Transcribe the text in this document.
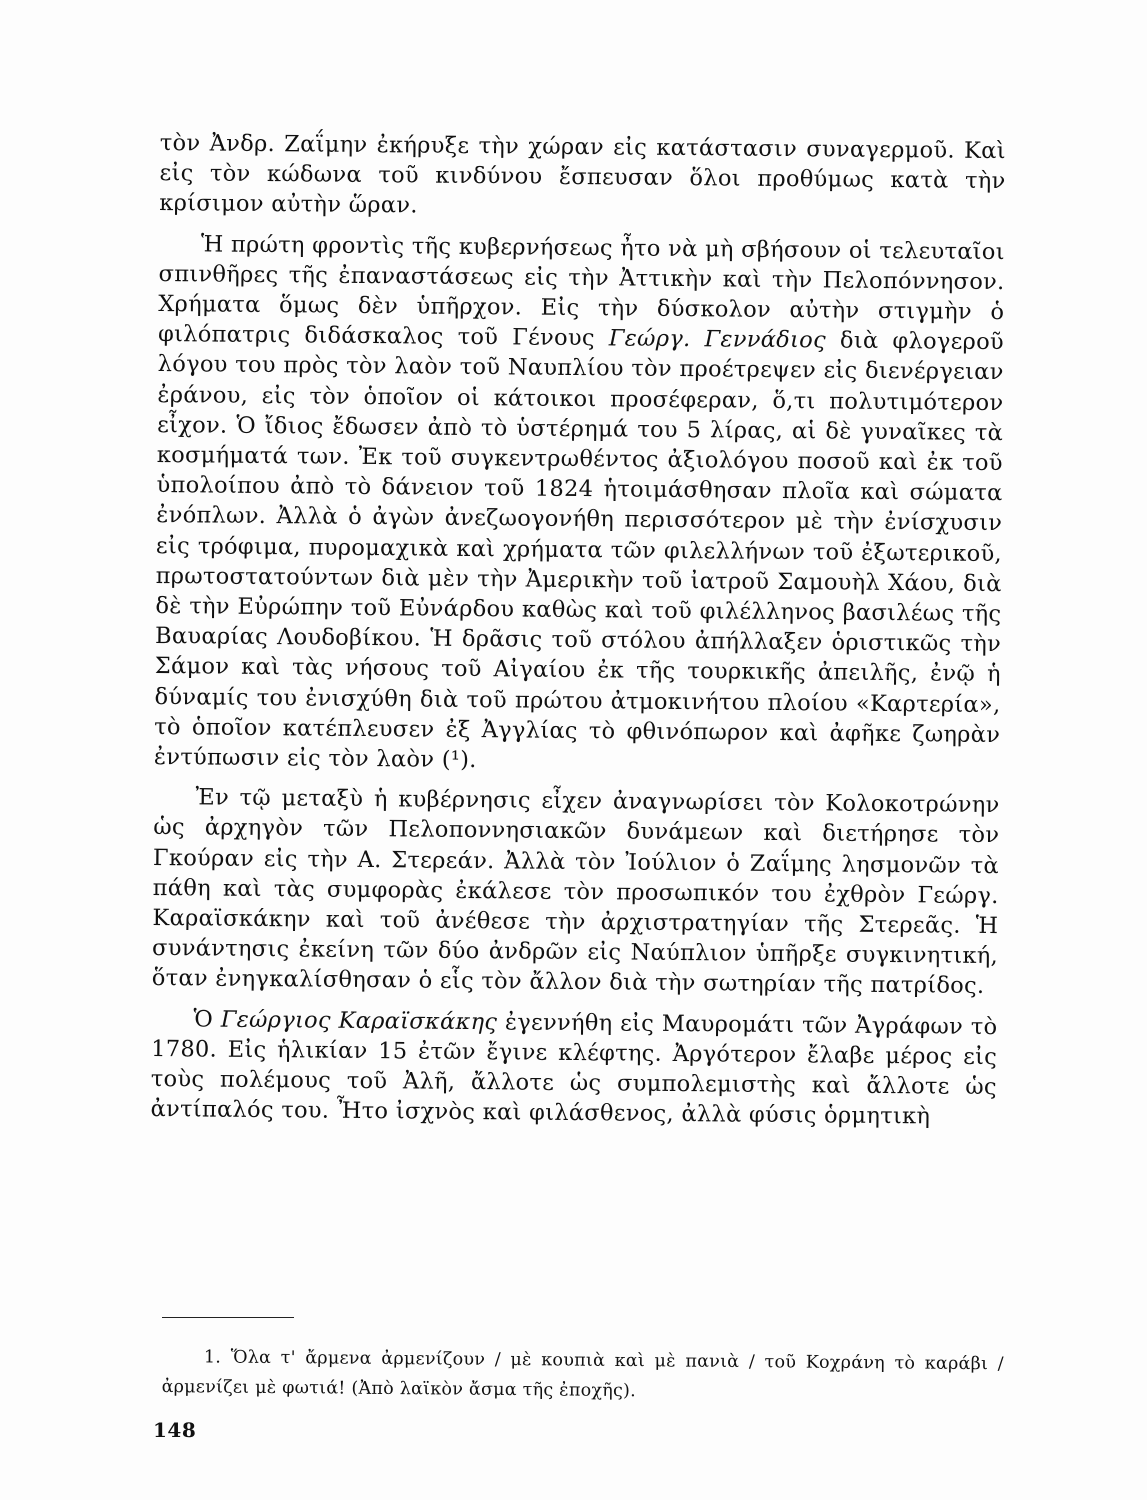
τὸν Ἀνδρ. Ζαΐμην ἐκήρυξε τὴν χώραν εἰς κατάστασιν συναγερμοῦ. Καὶ εἰς τὸν κώδωνα τοῦ κινδύνου ἔσπευσαν ὅλοι προθύμως κατὰ τὴν κρίσιμον αὐτὴν ὥραν.

Ἡ πρώτη φροντὶς τῆς κυβερνήσεως ἦτο νὰ μὴ σβήσουν οἱ τελευταῖοι σπινθῆρες τῆς ἐπαναστάσεως εἰς τὴν Ἀττικὴν καὶ τὴν Πελοπόννησον. Χρήματα ὅμως δὲν ὑπῆρχον. Εἰς τὴν δύσκολον αὐτὴν στιγμὴν ὁ φιλόπατρις διδάσκαλος τοῦ Γένους Γεώργ. Γεννάδιος διὰ φλογεροῦ λόγου του πρὸς τὸν λαὸν τοῦ Ναυπλίου τὸν προέτρεψεν εἰς διενέργειαν ἐράνου, εἰς τὸν ὁποῖον οἱ κάτοικοι προσέφεραν, ὅ,τι πολυτιμότερον εἶχον. Ὁ ἴδιος ἔδωσεν ἀπὸ τὸ ὑστέρημά του 5 λίρας, αἱ δὲ γυναῖκες τὰ κοσμήματά των. Ἐκ τοῦ συγκεντρωθέντος ἀξιολόγου ποσοῦ καὶ ἐκ τοῦ ὑπολοίπου ἀπὸ τὸ δάνειον τοῦ 1824 ἡτοιμάσθησαν πλοῖα καὶ σώματα ἐνόπλων. Ἀλλὰ ὁ ἀγὼν ἀνεζωογονήθη περισσότερον μὲ τὴν ἐνίσχυσιν εἰς τρόφιμα, πυρομαχικὰ καὶ χρήματα τῶν φιλελλήνων τοῦ ἐξωτερικοῦ, πρωτοστατούντων διὰ μὲν τὴν Ἀμερικὴν τοῦ ἰατροῦ Σαμουὴλ Χάου, διὰ δὲ τὴν Εὐρώπην τοῦ Εὐνάρδου καθὼς καὶ τοῦ φιλέλληνος βασιλέως τῆς Βαυαρίας Λουδοβίκου. Ἡ δρᾶσις τοῦ στόλου ἀπήλλαξεν ὁριστικῶς τὴν Σάμον καὶ τὰς νήσους τοῦ Αἰγαίου ἐκ τῆς τουρκικῆς ἀπειλῆς, ἐνῷ ἡ δύναμίς του ἐνισχύθη διὰ τοῦ πρώτου ἀτμοκινήτου πλοίου «Καρτερία», τὸ ὁποῖον κατέπλευσεν ἐξ Ἀγγλίας τὸ φθινόπωρον καὶ ἀφῆκε ζωηρὰν ἐντύπωσιν εἰς τὸν λαὸν (¹).

Ἐν τῷ μεταξὺ ἡ κυβέρνησις εἶχεν ἀναγνωρίσει τὸν Κολοκοτρώνην ὡς ἀρχηγὸν τῶν Πελοποννησιακῶν δυνάμεων καὶ διετήρησε τὸν Γκούραν εἰς τὴν Α. Στερεάν. Ἀλλὰ τὸν Ἰούλιον ὁ Ζαΐμης λησμονῶν τὰ πάθη καὶ τὰς συμφορὰς ἐκάλεσε τὸν προσωπικόν του ἐχθρὸν Γεώργ. Καραϊσκάκην καὶ τοῦ ἀνέθεσε τὴν ἀρχιστρατηγίαν τῆς Στερεᾶς. Ἡ συνάντησις ἐκείνη τῶν δύο ἀνδρῶν εἰς Ναύπλιον ὑπῆρξε συγκινητική, ὅταν ἐνηγκαλίσθησαν ὁ εἷς τὸν ἄλλον διὰ τὴν σωτηρίαν τῆς πατρίδος.

Ὁ Γεώργιος Καραϊσκάκης ἐγεννήθη εἰς Μαυρομάτι τῶν Ἀγράφων τὸ 1780. Εἰς ἡλικίαν 15 ἐτῶν ἔγινε κλέφτης. Ἀργότερον ἔλαβε μέρος εἰς τοὺς πολέμους τοῦ Ἀλῆ, ἄλλοτε ὡς συμπολεμιστὴς καὶ ἄλλοτε ὡς ἀντίπαλός του. Ἦτο ἰσχνὸς καὶ φιλάσθενος, ἀλλὰ φύσις ὁρμητικὴ

1. Ὅλα τ' ἄρμενα ἀρμενίζουν / μὲ κουπιὰ καὶ μὲ πανιὰ / τοῦ Κοχράνη τὸ καράβι / ἀρμενίζει μὲ φωτιά! (Ἀπὸ λαϊκὸν ἄσμα τῆς ἐποχῆς).

148
